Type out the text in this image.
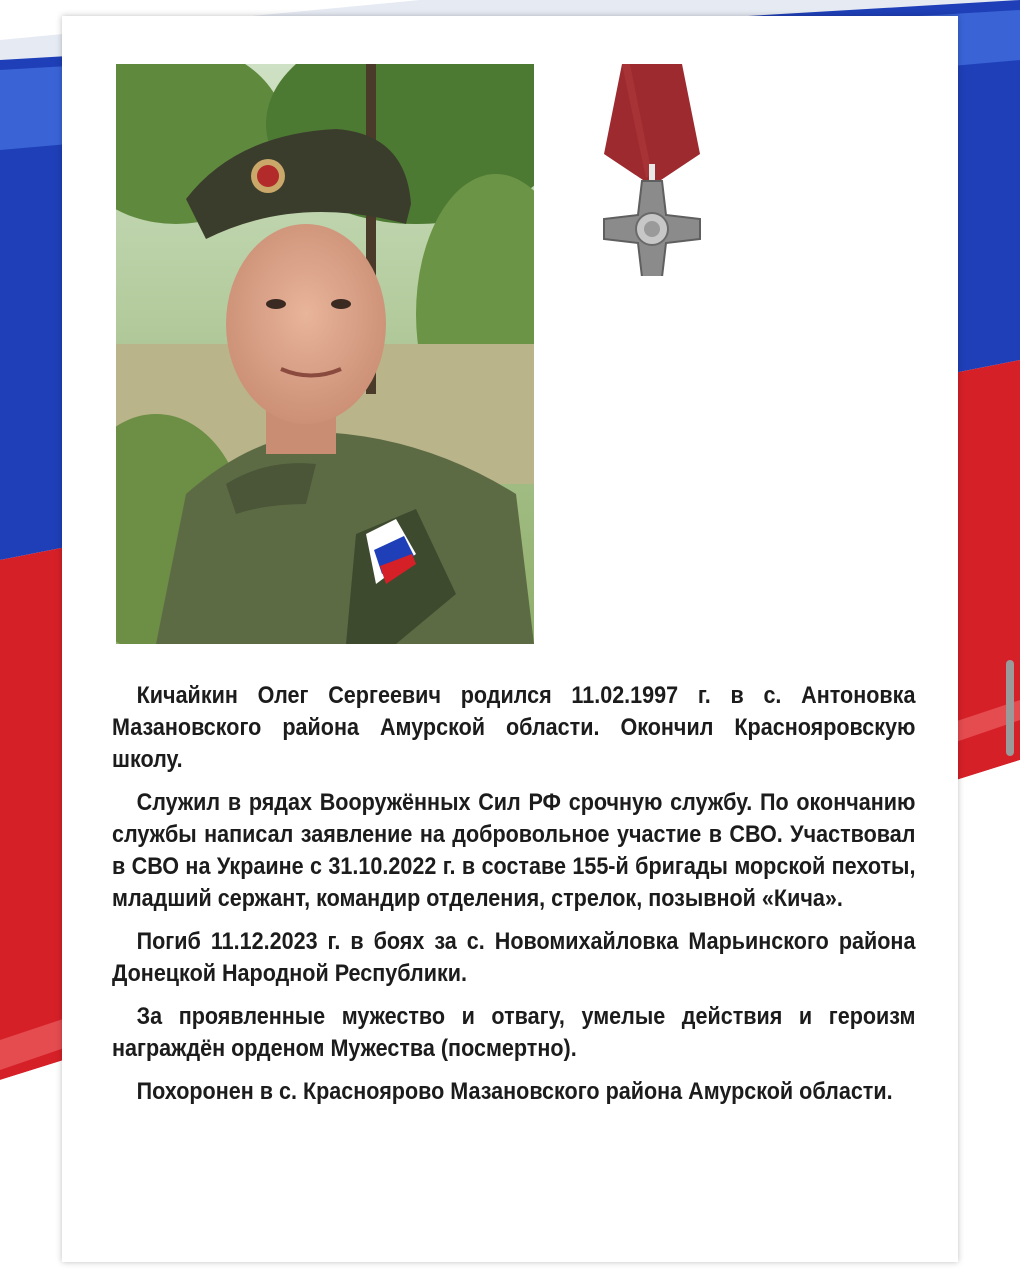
Кичайкин Олег Сергеевич родился 11.02.1997 г. в с. Антоновка Мазановского района Амурской области. Окончил Краснояровскую школу.

Служил в рядах Вооружённых Сил РФ срочную службу. По окончанию службы написал заявление на добровольное участие в СВО. Участвовал в СВО на Украине с 31.10.2022 г. в составе 155-й бригады морской пехоты, младший сержант, командир отделения, стрелок, позывной «Кича».

Погиб 11.12.2023 г. в боях за с. Новомихайловка Марьинского района Донецкой Народной Республики.

За проявленные мужество и отвагу, умелые действия и героизм награждён орденом Мужества (посмертно).

Похоронен в с. Красноярово Мазановского района Амурской области.
